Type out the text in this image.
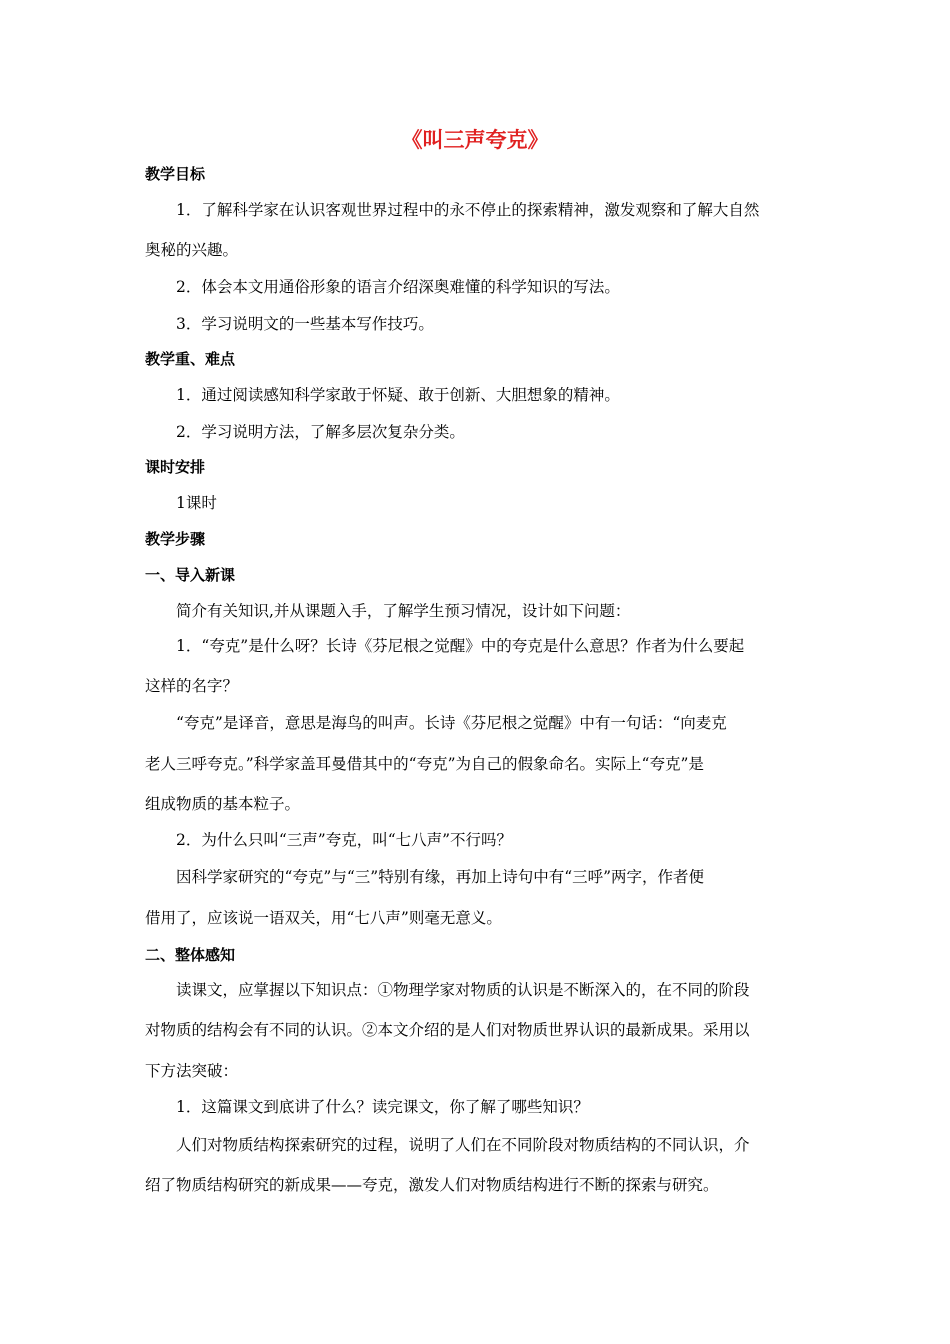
《叫三声夸克》
教学目标
1．了解科学家在认识客观世界过程中的永不停止的探索精神，激发观察和了解大自然
奥秘的兴趣。
2．体会本文用通俗形象的语言介绍深奥难懂的科学知识的写法。
3．学习说明文的一些基本写作技巧。
教学重、难点
1．通过阅读感知科学家敢于怀疑、敢于创新、大胆想象的精神。
2．学习说明方法，了解多层次复杂分类。
课时安排
1课时
教学步骤
一、导入新课
简介有关知识,并从课题入手，了解学生预习情况，设计如下问题：
1．“夸克”是什么呀？长诗《芬尼根之觉醒》中的夸克是什么意思？作者为什么要起
这样的名字？
“夸克”是译音，意思是海鸟的叫声。长诗《芬尼根之觉醒》中有一句话：“向麦克
老人三呼夸克。”科学家盖耳曼借其中的“夸克”为自己的假象命名。实际上“夸克”是
组成物质的基本粒子。
2．为什么只叫“三声”夸克，叫“七八声”不行吗？
因科学家研究的“夸克”与“三”特别有缘，再加上诗句中有“三呼”两字，作者便
借用了，应该说一语双关，用“七八声”则毫无意义。
二、整体感知
读课文，应掌握以下知识点：①物理学家对物质的认识是不断深入的，在不同的阶段
对物质的结构会有不同的认识。②本文介绍的是人们对物质世界认识的最新成果。采用以
下方法突破：
1．这篇课文到底讲了什么？读完课文，你了解了哪些知识？
人们对物质结构探索研究的过程，说明了人们在不同阶段对物质结构的不同认识，介
绍了物质结构研究的新成果——夸克，激发人们对物质结构进行不断的探索与研究。
